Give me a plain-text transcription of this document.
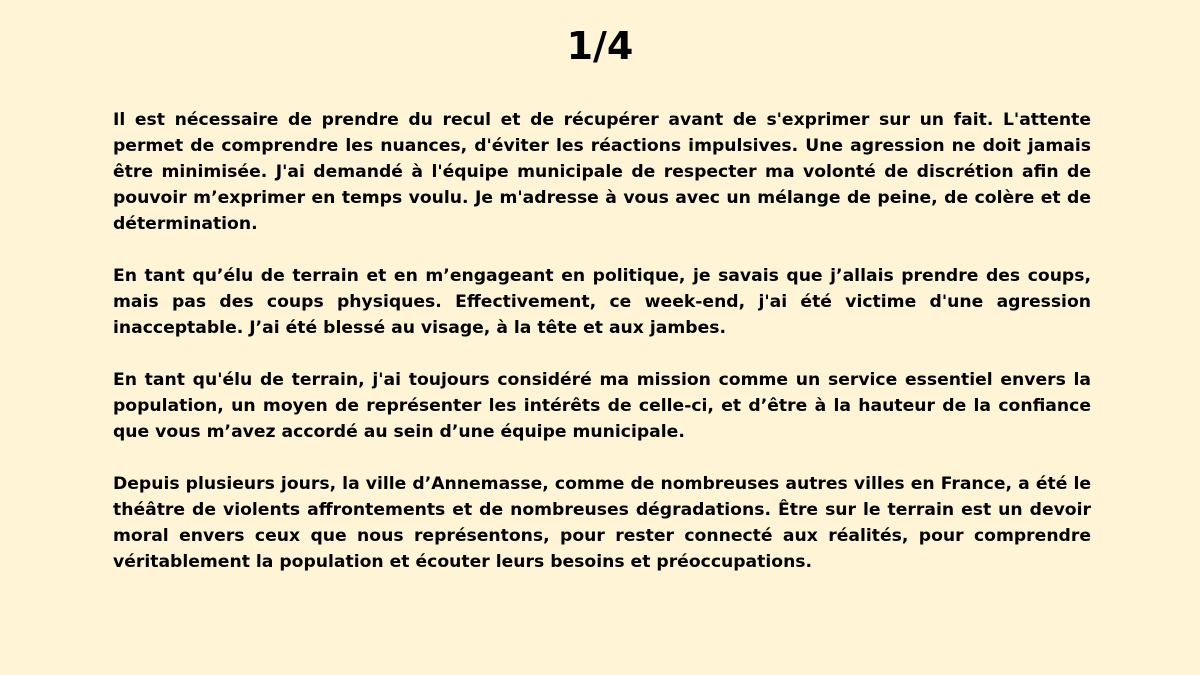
1/4

Il est nécessaire de prendre du recul et de récupérer avant de s'exprimer sur un fait. L'attente permet de comprendre les nuances, d'éviter les réactions impulsives. Une agression ne doit jamais être minimisée. J'ai demandé à l'équipe municipale de respecter ma volonté de discrétion afin de pouvoir m’exprimer en temps voulu. Je m'adresse à vous avec un mélange de peine, de colère et de détermination.

En tant qu’élu de terrain et en m’engageant en politique, je savais que j’allais prendre des coups, mais pas des coups physiques. Effectivement, ce week-end, j'ai été victime d'une agression inacceptable. J’ai été blessé au visage, à la tête et aux jambes.

En tant qu'élu de terrain, j'ai toujours considéré ma mission comme un service essentiel envers la population, un moyen de représenter les intérêts de celle-ci, et d’être à la hauteur de la confiance que vous m’avez accordé au sein d’une équipe municipale.

Depuis plusieurs jours, la ville d’Annemasse, comme de nombreuses autres villes en France, a été le théâtre de violents affrontements et de nombreuses dégradations. Être sur le terrain est un devoir moral envers ceux que nous représentons, pour rester connecté aux réalités, pour comprendre véritablement la population et écouter leurs besoins et préoccupations.
